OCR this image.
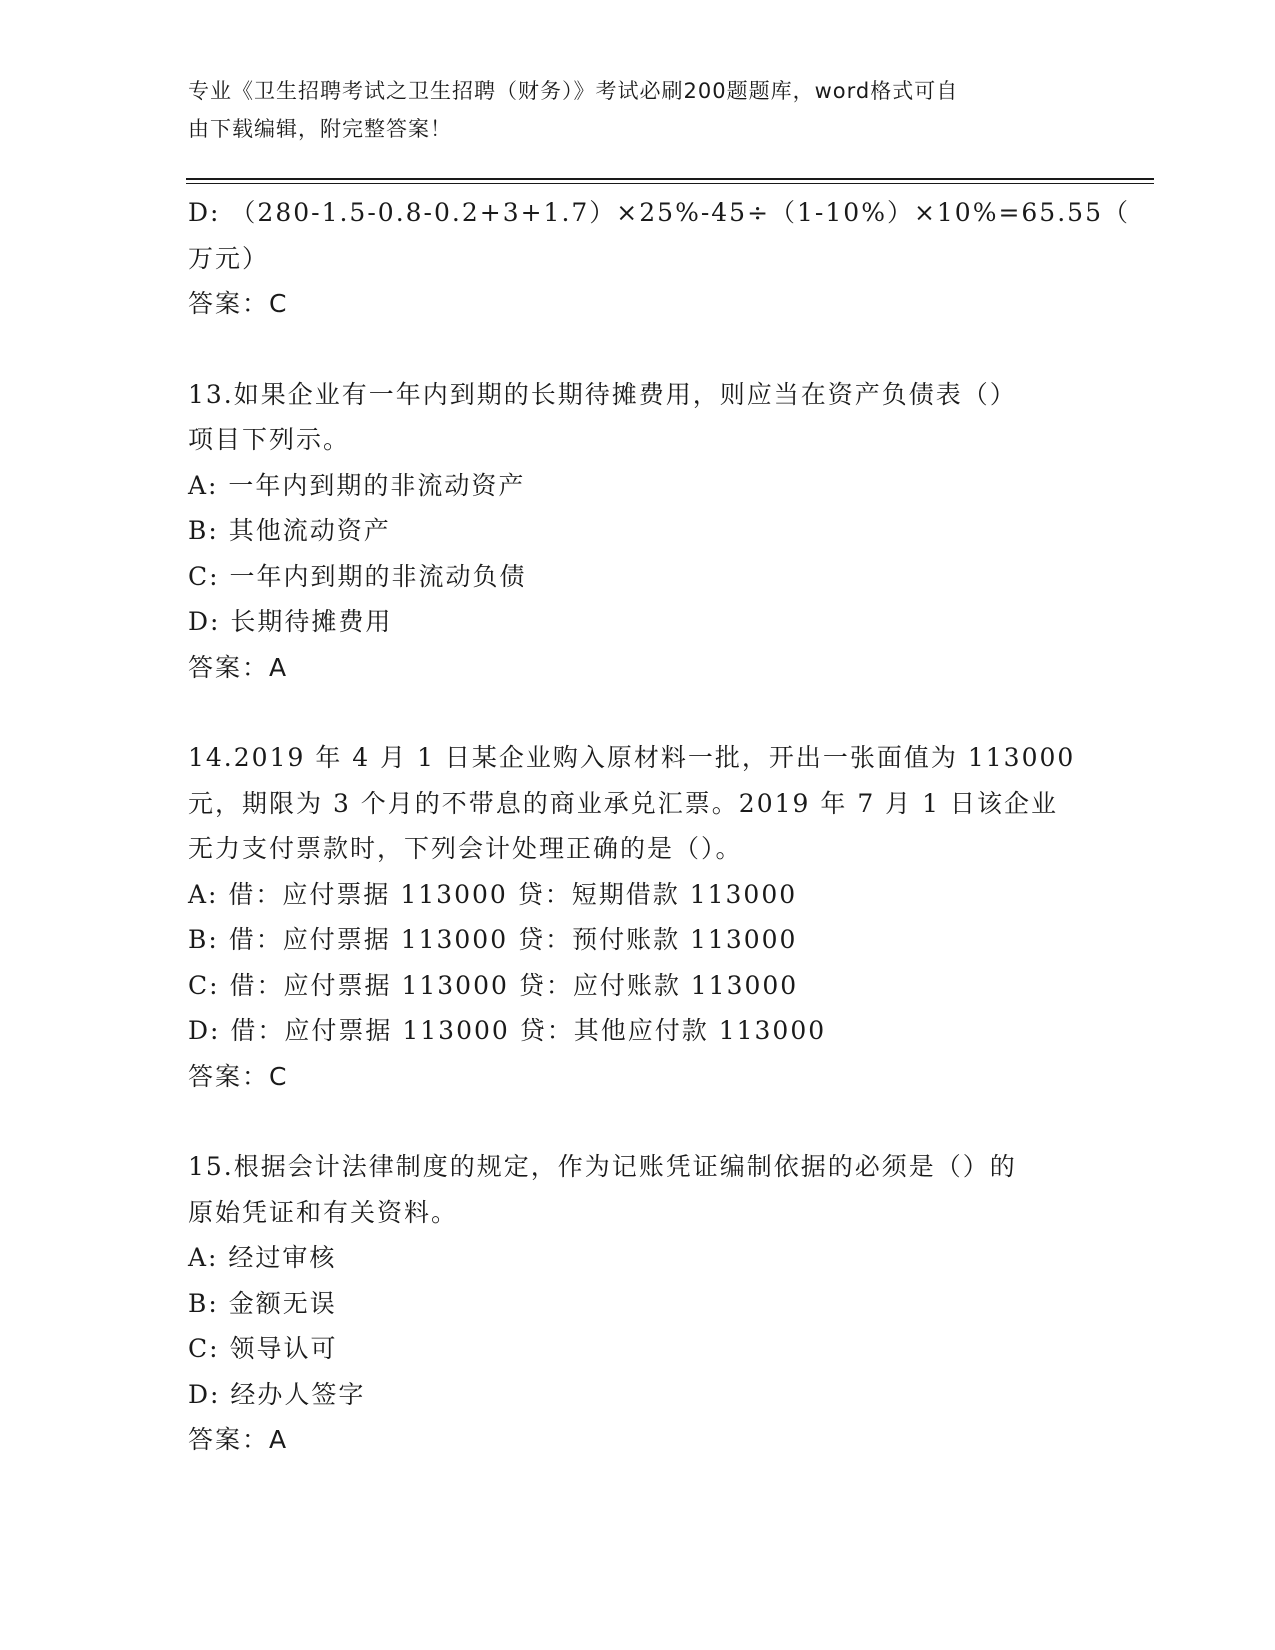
专业《卫生招聘考试之卫生招聘（财务）》考试必刷200题题库，word格式可自
由下载编辑，附完整答案！
D: （280-1.5-0.8-0.2+3+1.7）×25%-45÷（1-10%）×10%=65.55（
万元）
答案：C
13.如果企业有一年内到期的长期待摊费用，则应当在资产负债表（）
项目下列示。
A: 一年内到期的非流动资产
B: 其他流动资产
C: 一年内到期的非流动负债
D: 长期待摊费用
答案：A
14.2019 年 4 月 1 日某企业购入原材料一批，开出一张面值为 113000
元，期限为 3 个月的不带息的商业承兑汇票。2019 年 7 月 1 日该企业
无力支付票款时，下列会计处理正确的是（）。
A: 借：应付票据 113000 贷：短期借款 113000
B: 借：应付票据 113000 贷：预付账款 113000
C: 借：应付票据 113000 贷：应付账款 113000
D: 借：应付票据 113000 贷：其他应付款 113000
答案：C
15.根据会计法律制度的规定，作为记账凭证编制依据的必须是（）的
原始凭证和有关资料。
A: 经过审核
B: 金额无误
C: 领导认可
D: 经办人签字
答案：A
